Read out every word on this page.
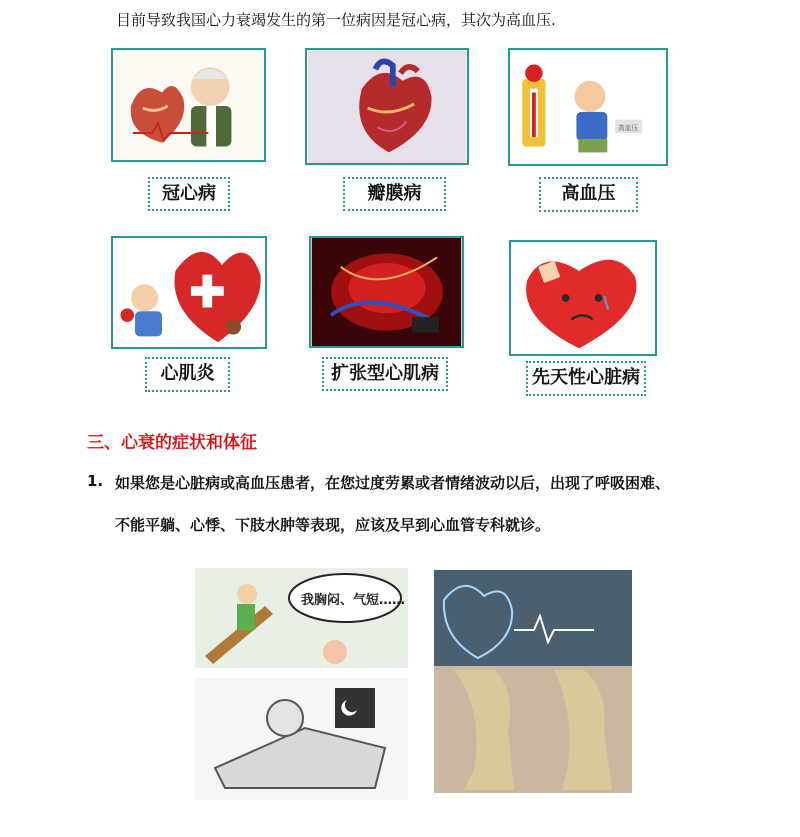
目前导致我国心力衰竭发生的第一位病因是冠心病，其次为高血压.
冠心病	瓣膜病
高血压
高血压
心肌炎	扩张型心肌病	先天性心脏病
三、心衰的症状和体征
1. 如果您是心脏病或高血压患者，在您过度劳累或者情绪波动以后，出现了呼吸困难、
不能平躺、心悸、下肢水肿等表现，应该及早到心血管专科就诊。
我胸闷、气短……
